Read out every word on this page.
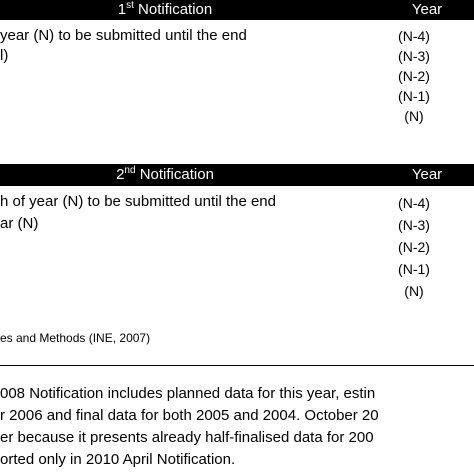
1st Notification	Year
year (N) to be submitted until the end
l)
(N-4)
(N-3)
(N-2)
(N-1)
(N)
2nd Notification	Year
h of year (N) to be submitted until the end
ar (N)
(N-4)
(N-3)
(N-2)
(N-1)
(N)
es and Methods (INE, 2007)
008 Notification includes planned data for this year, estin
r 2006 and final data for both 2005 and 2004. October 20
er because it presents already half-finalised data for 200
orted only in 2010 April Notification.
